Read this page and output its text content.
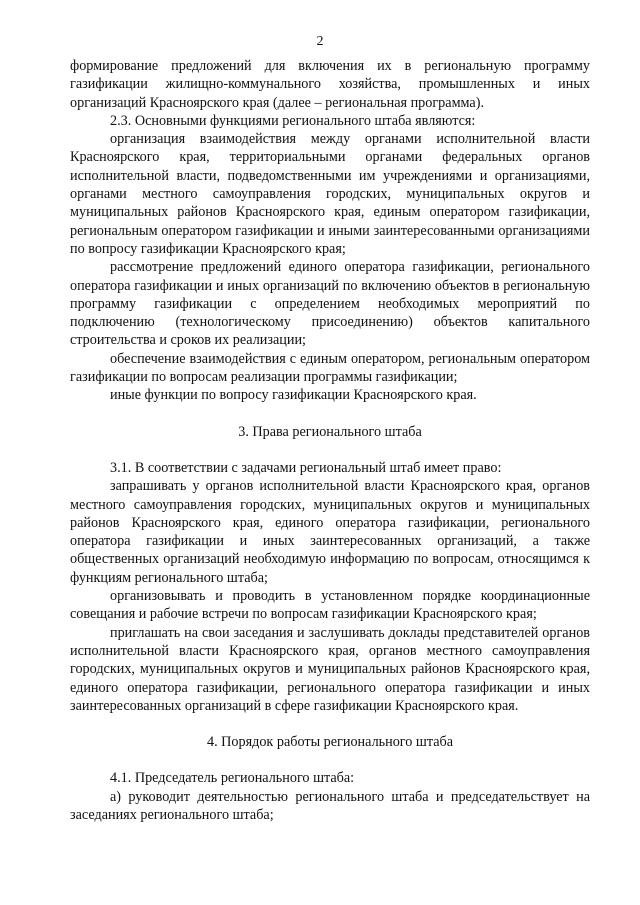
2

формирование предложений для включения их в региональную программу газификации жилищно-коммунального хозяйства, промышленных и иных организаций Красноярского края (далее – региональная программа).

2.3. Основными функциями регионального штаба являются:

организация взаимодействия между органами исполнительной власти Красноярского края, территориальными органами федеральных органов исполнительной власти, подведомственными им учреждениями и организациями, органами местного самоуправления городских, муниципальных округов и муниципальных районов Красноярского края, единым оператором газификации, региональным оператором газификации и иными заинтересованными организациями по вопросу газификации Красноярского края;

рассмотрение предложений единого оператора газификации, регионального оператора газификации и иных организаций по включению объектов в региональную программу газификации с определением необходимых мероприятий по подключению (технологическому присоединению) объектов капитального строительства и сроков их реализации;

обеспечение взаимодействия с единым оператором, региональным оператором газификации по вопросам реализации программы газификации;

иные функции по вопросу газификации Красноярского края.

3. Права регионального штаба

3.1. В соответствии с задачами региональный штаб имеет право:

запрашивать у органов исполнительной власти Красноярского края, органов местного самоуправления городских, муниципальных округов и муниципальных районов Красноярского края, единого оператора газификации, регионального оператора газификации и иных заинтересованных организаций, а также общественных организаций необходимую информацию по вопросам, относящимся к функциям регионального штаба;

организовывать и проводить в установленном порядке координационные совещания и рабочие встречи по вопросам газификации Красноярского края;

приглашать на свои заседания и заслушивать доклады представителей органов исполнительной власти Красноярского края, органов местного самоуправления городских, муниципальных округов и муниципальных районов Красноярского края, единого оператора газификации, регионального оператора газификации и иных заинтересованных организаций в сфере газификации Красноярского края.

4. Порядок работы регионального штаба

4.1. Председатель регионального штаба:

а) руководит деятельностью регионального штаба и председательствует на заседаниях регионального штаба;
